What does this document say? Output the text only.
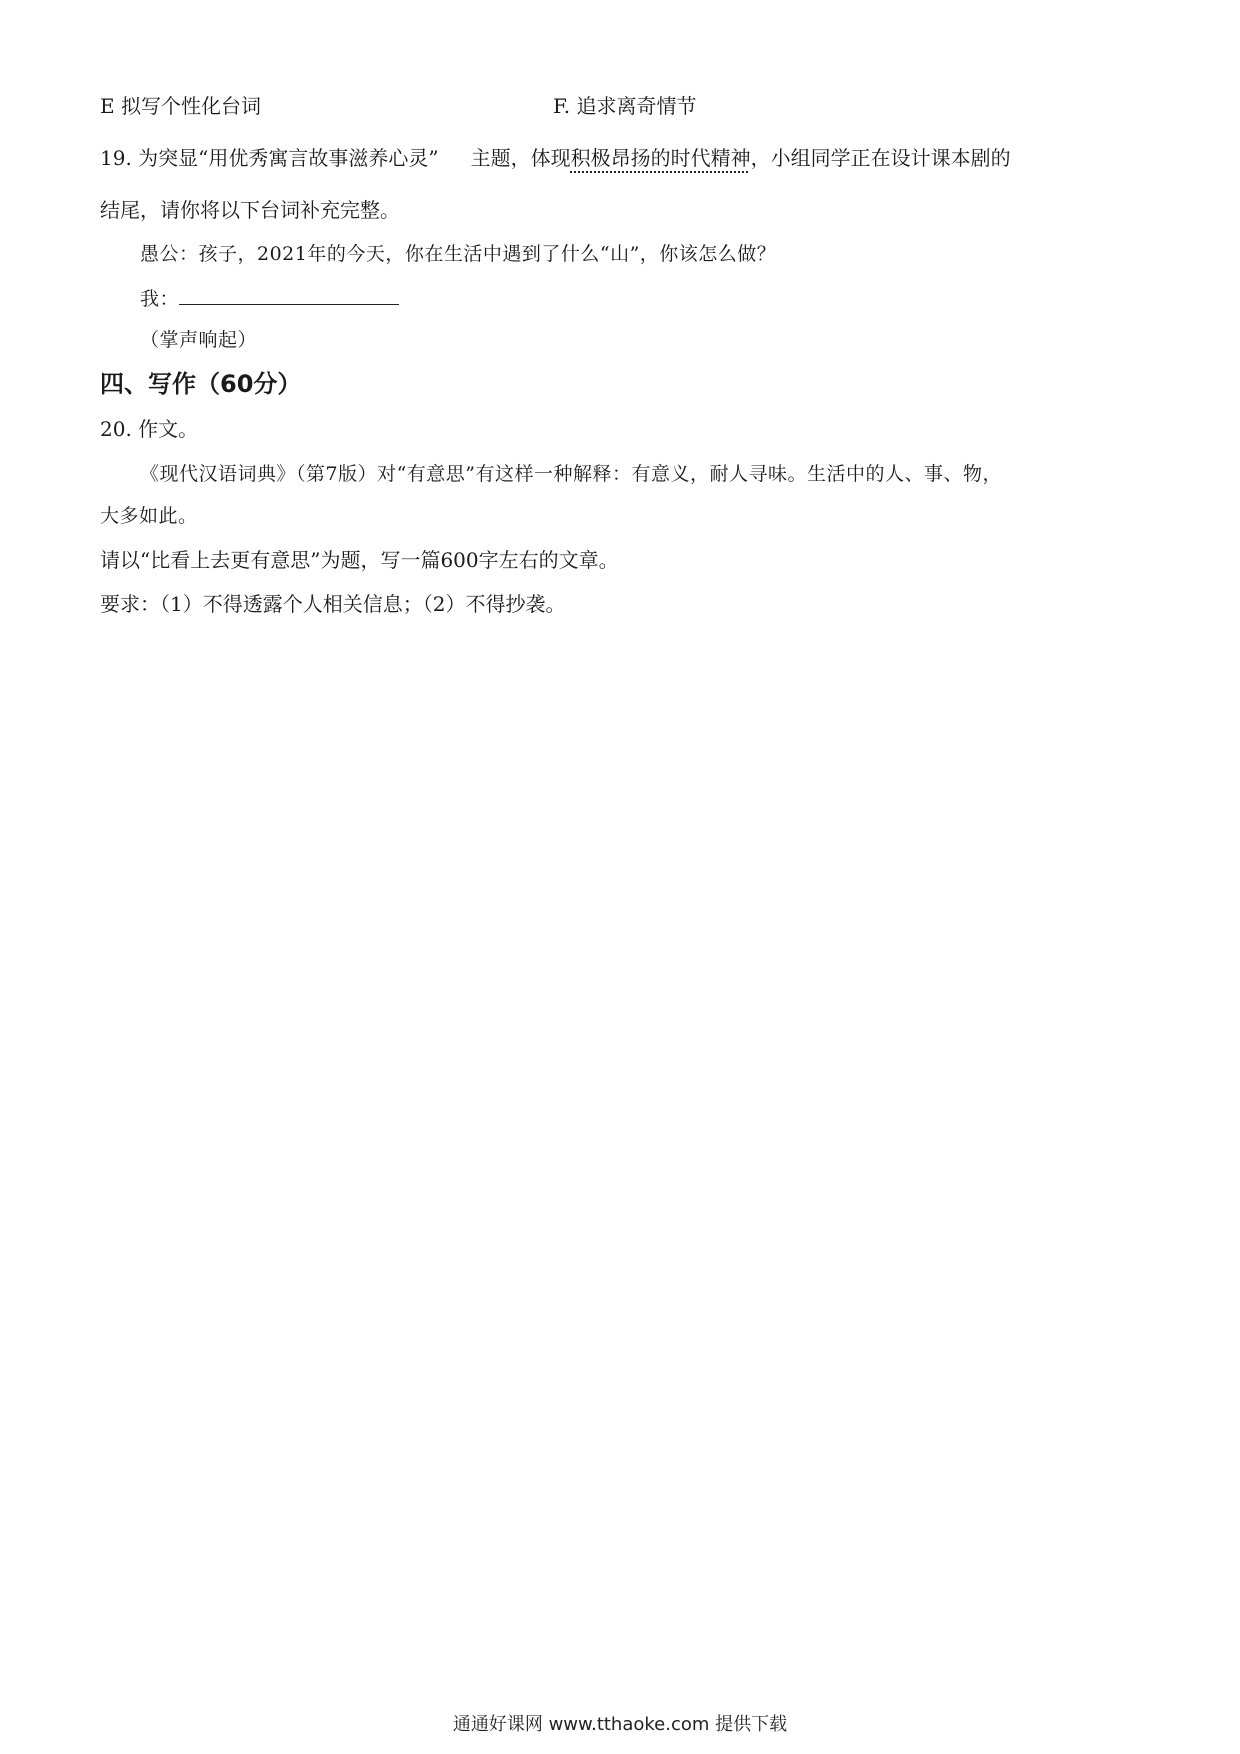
E 拟写个性化台词	F. 追求离奇情节
19. 为突显“用优秀寓言故事滋养心灵” 主题，体现积极昂扬的时代精神，小组同学正在设计课本剧的
结尾，请你将以下台词补充完整。
愚公：孩子，2021年的今天，你在生活中遇到了什么“山”，你该怎么做？
我：
（掌声响起）
四、写作（60分）
20. 作文。
《现代汉语词典》（第7版）对“有意思”有这样一种解释：有意义，耐人寻味。生活中的人、事、物，
大多如此。
请以“比看上去更有意思”为题，写一篇600字左右的文章。
要求：（1）不得透露个人相关信息；（2）不得抄袭。
通通好课网 www.tthaoke.com 提供下载
